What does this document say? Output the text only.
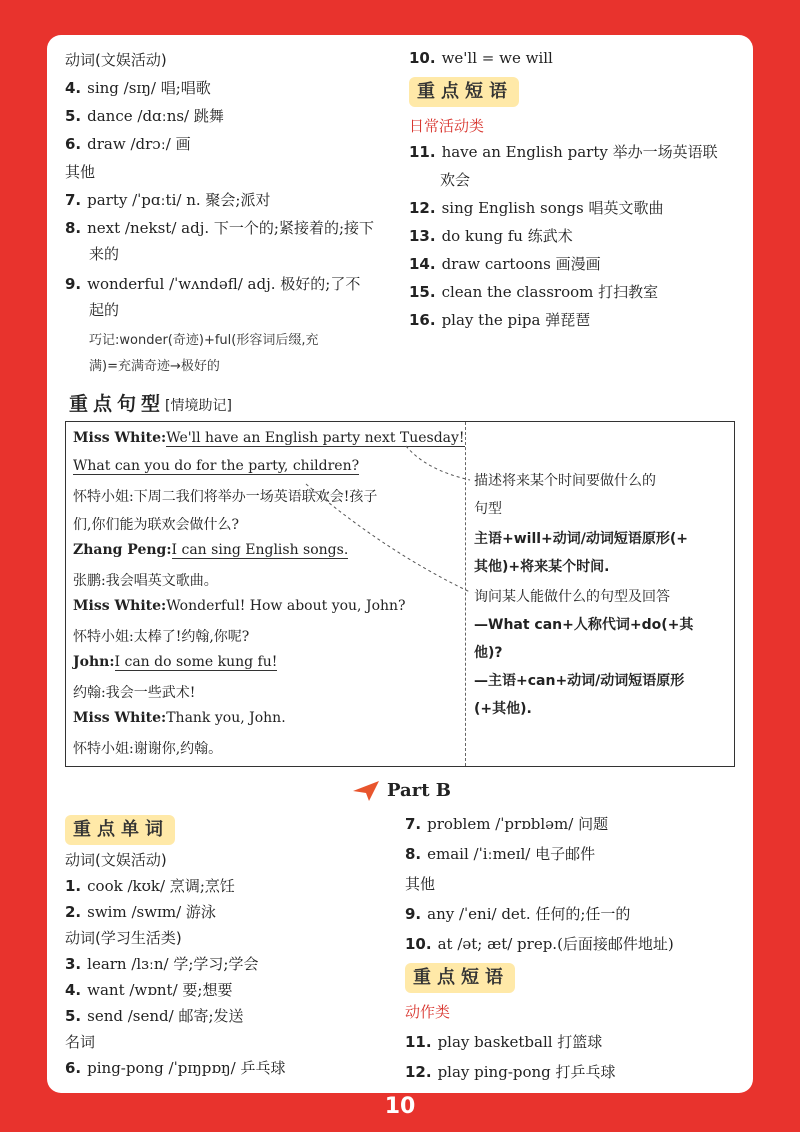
动词(文娱活动)
4. sing /sɪŋ/ 唱;唱歌
5. dance /dɑːns/ 跳舞
6. draw /drɔː/ 画
其他
7. party /ˈpɑːti/ n. 聚会;派对
8. next /nekst/ adj. 下一个的;紧接着的;接下
来的
9. wonderful /ˈwʌndəfl/ adj. 极好的;了不
起的
巧记:wonder(奇迹)+ful(形容词后缀,充
满)=充满奇迹→极好的
10. we'll = we will
重点短语
日常活动类
11. have an English party 举办一场英语联
欢会
12. sing English songs 唱英文歌曲
13. do kung fu 练武术
14. draw cartoons 画漫画
15. clean the classroom 打扫教室
16. play the pipa 弹琵琶
重点句型[情境助记]
Miss White:We'll have an English party next Tuesday!
What can you do for the party, children?
怀特小姐:下周二我们将举办一场英语联欢会!孩子
们,你们能为联欢会做什么?
Zhang Peng:I can sing English songs.
张鹏:我会唱英文歌曲。
Miss White:Wonderful! How about you, John?
怀特小姐:太棒了!约翰,你呢?
John:I can do some kung fu!
约翰:我会一些武术!
Miss White:Thank you, John.
怀特小姐:谢谢你,约翰。
描述将来某个时间要做什么的
句型
主语+will+动词/动词短语原形(+
其他)+将来某个时间.
询问某人能做什么的句型及回答
—What can+人称代词+do(+其
他)?
—主语+can+动词/动词短语原形
(+其他).
Part B
重点单词
动词(文娱活动)
1. cook /kʊk/ 烹调;烹饪
2. swim /swɪm/ 游泳
动词(学习生活类)
3. learn /lɜːn/ 学;学习;学会
4. want /wɒnt/ 要;想要
5. send /send/ 邮寄;发送
名词
6. ping-pong /ˈpɪŋpɒŋ/ 乒乓球
7. problem /ˈprɒbləm/ 问题
8. email /ˈiːmeɪl/ 电子邮件
其他
9. any /ˈeni/ det. 任何的;任一的
10. at /ət; æt/ prep.(后面接邮件地址)
重点短语
动作类
11. play basketball 打篮球
12. play ping-pong 打乒乓球
10
